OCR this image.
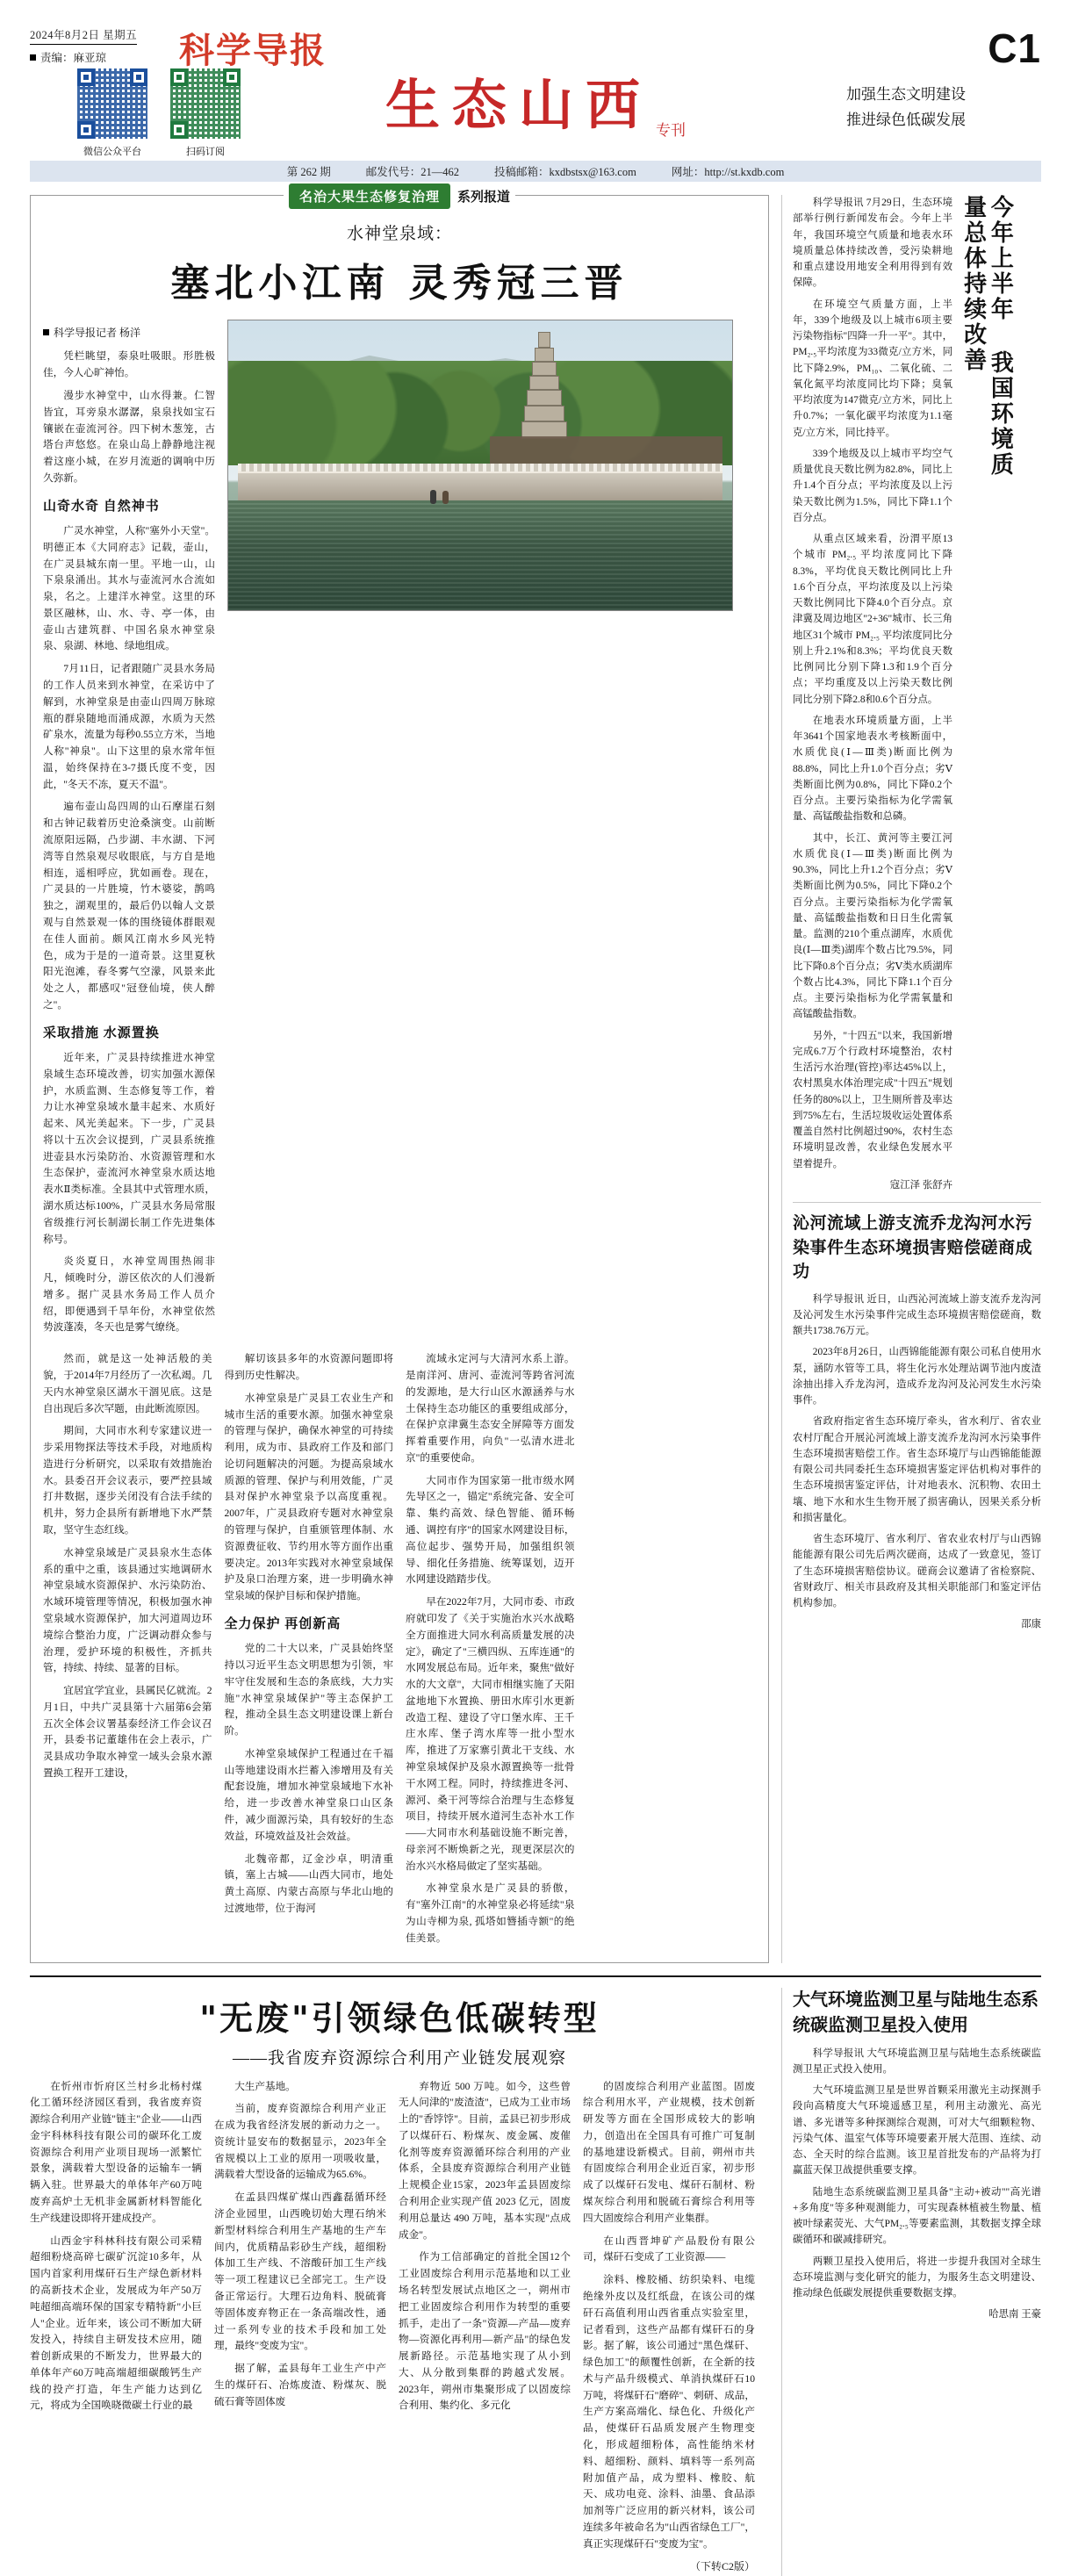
2024年8月2日 星期五
责编：麻亚琼
微信公众平台	扫码订阅
科学导报
生态山西 专刊
加强生态文明建设
推进绿色低碳发展
C1
第 262 期	邮发代号：21—462	投稿邮箱：kxdbstsx@163.com	网址：http://st.kxdb.com
名治大果生态修复治理	系列报道
水神堂泉域：
塞北小江南 灵秀冠三晋
科学导报记者 杨洋

凭栏眺望，泰泉吐吸眼。形胜极佳，今人心旷神怡。

漫步水神堂中，山水得兼。仁智皆宜，耳旁泉水潺潺，泉泉找如宝石镶嵌在壶流河谷。四下树木葱笼，古塔台声悠悠。在泉山岛上静静地注视着这座小城，在岁月流逝的调响中历久弥新。

山奇水奇 自然神书

广灵水神堂，人称"塞外小天堂"。明德正本《大同府志》记载，壶山，在广灵县城东南一里。平地一山，山下泉泉涌出。其水与壶流河水合流如泉，名之。上建洋水神堂。这里的环景区融林，山、水、寺、亭一体，由壶山古建筑群、中国名泉水神堂泉泉、泉湖、林地、绿地组成。

7月11日，记者跟随广灵县水务局的工作人员来到水神堂，在采访中了解到，水神堂泉是由壶山四周万脉琼瓶的群泉随地而涌成源，水质为天然矿泉水，流量为每秒0.55立方米，当地人称"神泉"。山下这里的泉水常年恒温，始终保持在3-7摄氏度不变，因此，"冬天不冻，夏天不温"。

遍布壶山岛四周的山石摩崖石刻和古钟记载着历史沧桑演变。山前断流原阳远隔，凸步湖、丰水湖、下河湾等自然泉观尽收眼底，与方自是地相连，遥相呼应，犹如画卷。现在，广灵县的一片胜境，竹木婆娑，鹊鸣独之，湖观里的，最后仍以翰人文景观与自然景观一体的围绕镜体群眼观在佳人面前。颇风江南水乡风光特色，成为于是的一道奇景。这里夏秋阳光泡滩，春冬雾气空濛，风景来此处之人，都感叹"冠登仙境，侠人醉之"。

采取措施 水源置换

近年来，广灵县持续推进水神堂泉域生态环境改善，切实加强水源保护，水质监测、生态修复等工作，着力让水神堂泉域水量丰起来、水质好起来、风光美起来。下一步，广灵县将以十五次会议提到，广灵县系统推进壶县水污染防治、水资源管理和水生态保护，壶流河水神堂泉水质达地表水Ⅱ类标准。全县其中式管理水质，湖水质达标100%，广灵县水务局常服省级推行河长制湖长制工作先进集体称号。

炎炎夏日，水神堂周围热闹非凡，倾晚时分，游区依次的人们漫新增多。据广灵县水务局工作人员介绍，即便遇到千旱年份，水神堂依然势波蓬凑，冬天也是雾气缭绕。

然而，就是这一处神活般的美貌，于2014年7月经历了一次私竭。几天内水神堂泉区湖水干涸见底。这是自出现后多次罕题，由此断流原因。

期间，大同市水利专家建议进一步采用物探法等技术手段，对地质构造进行分析研究，以采取有效措施治水。县委召开会议表示，要严控县域打井数据，逐步关闭没有合法手续的机井，努力企县所有新增地下水严禁取，坚守生态红线。

水神堂泉域是广灵县泉水生态体系的重中之重，该县通过实地调研水神堂泉域水资源保护、水污染防治、水域环境管理等情况，积极加强水神堂泉域水资源保护，加大河道周边环境综合整治力度，广泛调动群众参与治理，爱护环境的积极性，齐抓共管，持续、持续、显著的目标。

宜居宜学宜业，县属民亿就流。2月1日，中共广灵县第十六届第6会第五次全体会议署基泰经济工作会议召开，县委书记董雄伟在会上表示，广灵县成功争取水神堂一域头会泉水源置换工程开工建设，

解切该县多年的水资源问题即将得到历史性解决。

水神堂泉是广灵县工农业生产和城市生活的重要水源。加强水神堂泉的管理与保护，确保水神堂的可持续利用，成为市、县政府工作及和部门论切问题解决的河题。为提高泉域水质源的管理、保护与利用效能，广灵县对保护水神堂泉予以高度重视。2007年，广灵县政府专题对水神堂泉的管理与保护，自重颁管理体制、水资源费征收、节约用水等方面作出重要决定。2013年实践对水神堂泉域保护及泉口治理方案，进一步明确水神堂泉域的保护目标和保护措施。

全力保护 再创新高

党的二十大以来，广灵县始终坚持以习近平生态文明思想为引领，牢牢守住发展和生态的条底线，大力实施"水神堂泉域保护"等主态保护工程，推动全县生态文明建设课上新台阶。

水神堂泉域保护工程通过在千福山等地建设雨水拦蓄入渗增用及有关配套设施，增加水神堂泉域地下水补给，进一步改善水神堂泉口山区条件，减少面源污染，具有较好的生态效益，环境效益及社会效益。

北魏帝都，辽金沙卓，明清重镇，塞上古城——山西大同市，地处黄土高原、内蒙古高原与华北山地的过渡地带，位于海河

流域永定河与大清河水系上游。是南洋河、唐河、壶流河等跨省河流的发源地，是大行山区水源涵养与水土保持生态功能区的重要组成部分，在保护京津冀生态安全屏障等方面发挥着重要作用，向负"一弘清水进北京"的重要使命。

大同市作为国家第一批市级水网先导区之一，锚定"系统完备、安全可靠、集约高效、绿色智能、循环畅通、调控有序"的国家水网建设目标，高位起步、强势开局，加强组织领导、细化任务措施、统筹谋划，迈开水网建设踏踏步伐。

早在2022年7月，大同市委、市政府就印发了《关于实施治水兴水战略全方面推进大同水利高质量发展的决定》，确定了"三横四纵、五库连通"的水网发展总布局。近年来，聚焦"做好水的大文章"，大同市相继实施了天阳盆地地下水置换、册田水库引水更新改造工程、建设了守口堡水库、王千庄水库、堡子湾水库等一批小型水库，推进了万家寨引黄北干支线、水神堂泉域保护及泉水源置换等一批骨干水网工程。同时，持续推进冬河、源河、桑干河等综合治理与生态修复项目，持续开展水道河生态补水工作——大同市水利基础设施不断完善，母亲河不断焕新之光，现更深层次的治水兴水格局做定了坚实基础。

水神堂泉水是广灵县的骄傲，有"塞外江南"的水神堂泉必将延续"泉为山寺柳为泉, 孤塔如簪插寺额"的绝佳美景。

科学导报讯 7月29日，生态环境部举行例行新闻发布会。今年上半年，我国环境空气质量和地表水环境质量总体持续改善，受污染耕地和重点建设用地安全利用得到有效保障。

在环境空气质量方面，上半年，339个地级及以上城市6项主要污染物指标"四降一升一平"。其中，PM₂.₅平均浓度为33微克/立方米，同比下降2.9%，PM₁₀、二氧化硫、二氧化氮平均浓度同比均下降；臭氧平均浓度为147微克/立方米，同比上升0.7%；一氧化碳平均浓度为1.1毫克/立方米，同比持平。

339个地级及以上城市平均空气质量优良天数比例为82.8%，同比上升1.4个百分点；平均浓度及以上污染天数比例为1.5%，同比下降1.1个百分点。

从重点区域来看，汾渭平原13个城市 PM₂.₅ 平均浓度同比下降8.3%，平均优良天数比例同比上升1.6个百分点，平均浓度及以上污染天数比例同比下降4.0个百分点。京津冀及周边地区"2+36"城市、长三角地区31个城市 PM₂.₅ 平均浓度同比分别上升2.1%和8.3%；平均优良天数比例同比分别下降1.3和1.9个百分点；平均重度及以上污染天数比例同比分别下降2.8和0.6个百分点。

在地表水环境质量方面，上半年3641个国家地表水考核断面中，水质优良(Ⅰ—Ⅲ类)断面比例为88.8%，同比上升1.0个百分点；劣Ⅴ类断面比例为0.8%，同比下降0.2个百分点。主要污染指标为化学需氧量、高锰酸盐指数和总磷。

其中，长江、黄河等主要江河水质优良(Ⅰ—Ⅲ类)断面比例为90.3%，同比上升1.2个百分点；劣Ⅴ类断面比例为0.5%，同比下降0.2个百分点。主要污染指标为化学需氧量、高锰酸盐指数和日日生化需氧量。监测的210个重点湖库，水质优良(Ⅰ—Ⅲ类)湖库个数占比79.5%，同比下降0.8个百分点；劣Ⅴ类水质湖库个数占比4.3%，同比下降1.1个百分点。主要污染指标为化学需氧量和高锰酸盐指数。

另外，"十四五"以来，我国新增完成6.7万个行政村环境整治，农村生活污水治理(管控)率达45%以上，农村黑臭水体治理完成"十四五"规划任务的80%以上，卫生厕所普及率达到75%左右，生活垃圾收运处置体系覆盖自然村比例超过90%，农村生态环境明显改善，农业绿色发展水平望着提升。

寇江泽 张舒卉
今年上半年 我国环境质量总体持续改善
沁河流域上游支流乔龙沟河水污染事件生态环境损害赔偿磋商成功

科学导报讯 近日，山西沁河流域上游支流乔龙沟河及沁河发生水污染事件完成生态环境损害赔偿磋商，数额共1738.76万元。

2023年8月26日，山西锦能能源有限公司私自使用水泵，涵防水管等工具，将生化污水处理站调节池内废渣涂抽出排入乔龙沟河，造成乔龙沟河及沁河发生水污染事件。

省政府指定省生态环境厅牵头，省水利厅、省农业农村厅配合开展沁河流域上游支流乔龙沟河水污染事件生态环境损害赔偿工作。省生态环境厅与山西锦能能源有限公司共同委托生态环境损害鉴定评估机构对事件的生态环境损害鉴定评估，计对地表水、沉积物、农田土壤、地下水和水生生物开展了损害确认，因果关系分析和损害量化。

省生态环境厅、省水利厅、省农业农村厅与山西锦能能源有限公司先后两次磋商，达成了一致意见，签订了生态环境损害赔偿协议。磋商会议邀请了省检察院、省财政厅、相关市县政府及其相关职能部门和鉴定评估机构参加。

邵康
"无废"引领绿色低碳转型
——我省废弃资源综合利用产业链发展观察

在忻州市忻府区兰村乡北杨村煤化工循环经济园区看到，我省废弃资源综合利用产业链"链主"企业——山西金宇科林科技有限公司的碳环化工废资源综合利用产业项目现场一派繁忙景象，满载着大型设备的运输车一辆辆入驻。世界最大的单体年产60万吨废弃高炉土无机非金属新材料智能化生产线建设即将开建成投产。

山西金宇科林科技有限公司采精超细粉烧高碎七碳矿沉淀10多年，从国内首家利用煤矸石生产绿色新材料的高新技术企业，发展成为年产50万吨超细高端环保的国家专精特新"小巨人"企业。近年来，该公司不断加大研发投入，持续自主研发技术应用，随着创新成果的不断发力，世界最大的单体年产60万吨高端超细碳酸钙生产线的投产打造，年生产能力达到亿元，将成为全国唤晓微碳土行业的最

大生产基地。

当前，废弃资源综合利用产业正在成为我省经济发展的新动力之一。资统计显安布的数据显示，2023年全省规模以上工业的原用一项吸收量，满载着大型设备的运输成为65.6%。

在孟县四煤矿煤山西鑫磊循环经济企业园里，山西晚切始大理石纳米新型材料综合利用生产基地的生产车间内，优质精品彩砂生产线，超细粉体加工生产线、不溶酸矸加工生产线等一项工程建议已全部完工。生产设备正常运行。大理石边角料、脱硫膏等固体废弃物正在一条高端改性，通过一系列专业的技术手段和加工处理，最终"变废为宝"。

据了解，孟县每年工业生产中产生的煤矸石、冶炼废渣、粉煤灰、脱硫石膏等固体废

弃物近 500 万吨。如今，这些曾无人问津的"废渣渣"，已成为工业市场上的"香饽饽"。目前，孟县已初步形成了以煤矸石、粉煤灰、废金属、废催化剂等废弃资源循环综合利用的产业体系，全县废弃资源综合利用产业链上规模企业15家，2023年孟县固废综合利用企业实现产值 2023 亿元，固废利用总量达 490 万吨，基本实现"点成成金"。

作为工信部确定的首批全国12个工业固废综合利用示范基地和以工业场名转型发展试点地区之一，朔州市把工业固废综合利用作为转型的重要抓手，走出了一条"资源—产品—废弃物—资源化再利用—新产品"的绿色发展新路径。示范基地实现了从小到大、从分散到集群的跨越式发展。2023年，朔州市集聚形成了以固废综合利用、集约化、多元化

的固废综合利用产业蓝图。固废综合利用水平，产业规模，技术创新研发等方面在全国形成较大的影响力，创造出在全国具有可推广可复制的基地建设新模式。目前，朔州市共有固废综合利用企业近百家，初步形成了以煤矸石发电、煤矸石制材、粉煤灰综合利用和脱硫石膏综合利用等四大固废综合利用产业集群。

在山西晋坤矿产品股份有限公司，煤矸石变成了工业资源——

涂料、橡胶桶、纺织染料、电缆绝缘外皮以及红纸盘，在该公司的煤矸石高值利用山西省重点实验室里，记者看到，这些产品都有煤矸石的身影。据了解，该公司通过"黑色煤矸、绿色加工"的颠覆性创新，在全新的技术与产品升级模式、单消执煤矸石10万吨，将煤矸石"磨碎"、刺研、成品，生产方案高端化、绿色化、升级化产品，使煤矸石品质发展产生物理变化，形成超细粉体，高性能纳米材料、超细粉、颜料、填料等一系列高附加值产品，成为塑料、橡胶、航天、成功电竞、涂料、油墨、食品添加剂等广泛应用的新兴材料，该公司连续多年被命名为"山西省绿色工厂"，真正实现煤矸石"变废为宝"。

（下转C2版）
大气环境监测卫星与陆地生态系统碳监测卫星投入使用

科学导报讯 大气环境监测卫星与陆地生态系统碳监测卫星正式投入使用。

大气环境监测卫星是世界首颗采用激光主动探测手段向高精度大气环境遥感卫星，利用主动激光、高光谱、多光谱等多种探测综合观测，可对大气细颗粒物、污染气体、温室气体等环境要素开展大范围、连续、动态、全天时的综合监测。该卫星首批发布的产品将为打赢蓝天保卫战提供重要支撑。

陆地生态系统碳监测卫星具备"主动+被动""高光谱+多角度"等多种观测能力，可实现森林植被生物量、植被叶绿素荧光、大气PM₂.₅等要素监测，其数据支撑全球碳循环和碳减排研究。

两颗卫星投入使用后，将进一步提升我国对全球生态环境监测与变化研究的能力，为服务生态文明建设、推动绿色低碳发展提供重要数据支撑。

哈思南 王豪
